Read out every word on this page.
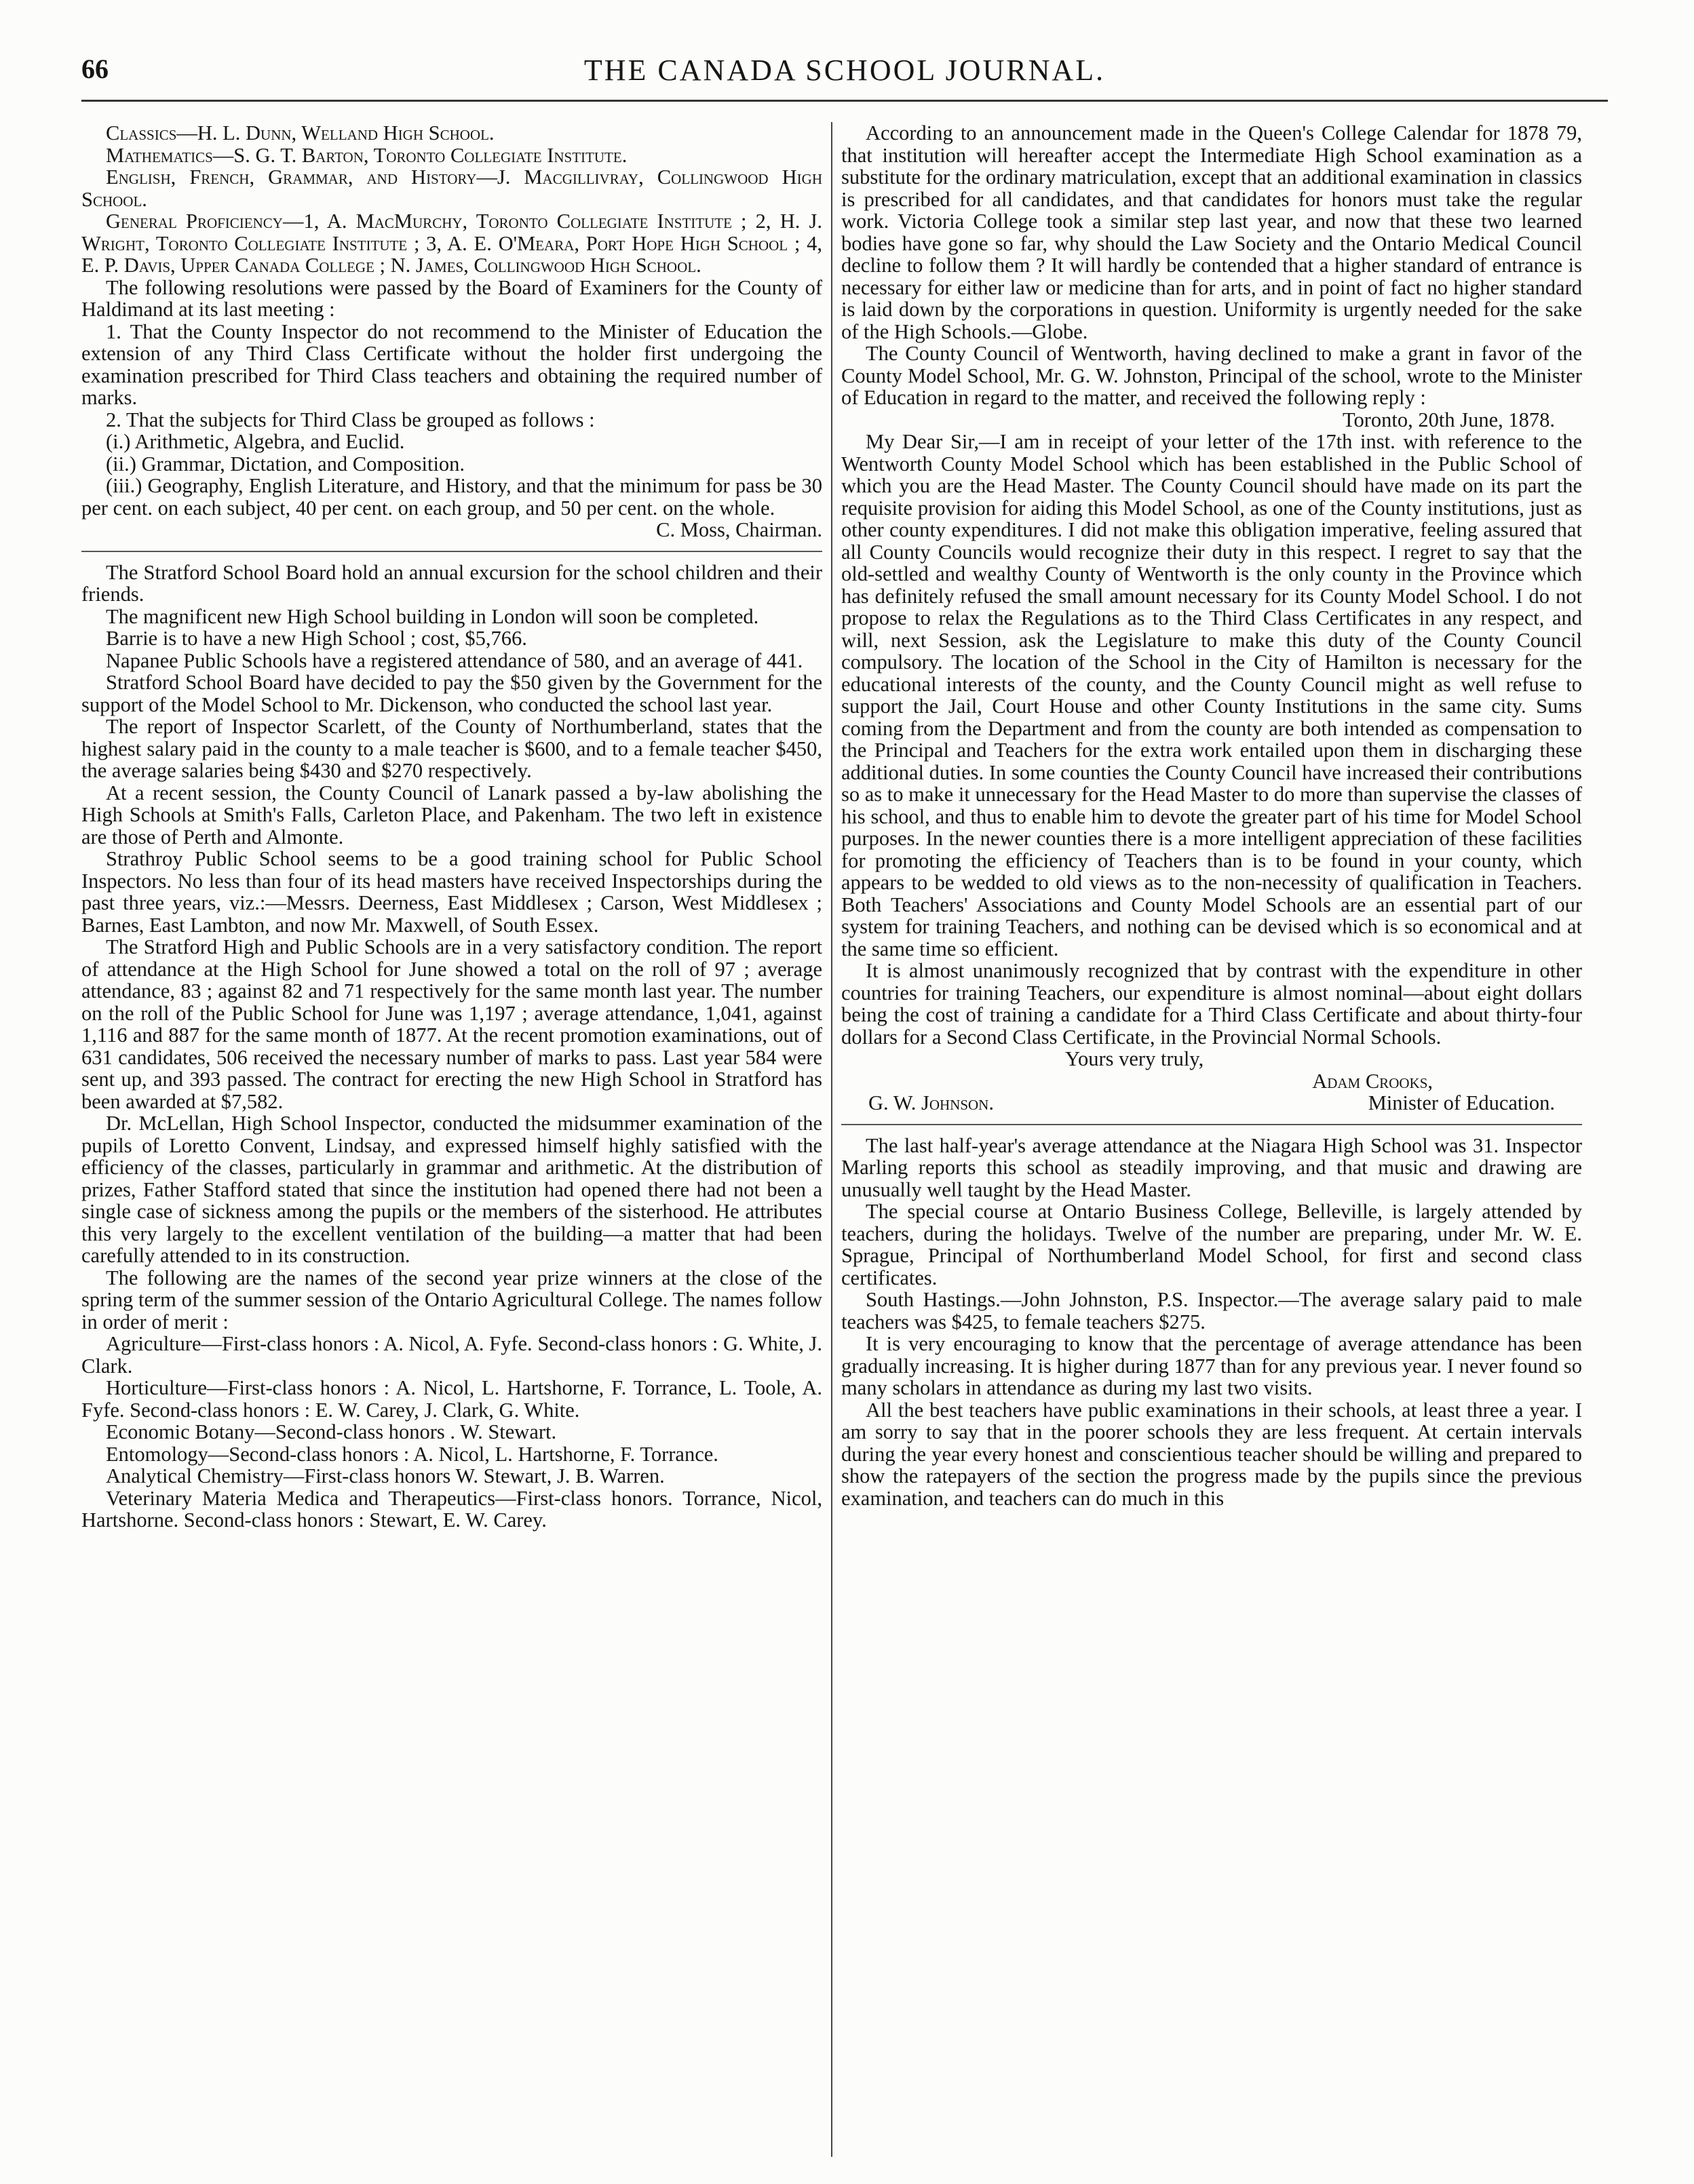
66	THE CANADA SCHOOL JOURNAL.

Classics—H. L. Dunn, Welland High School.

Mathematics—S. G. T. Barton, Toronto Collegiate Institute.

English, French, Grammar, and History—J. Macgillivray, Collingwood High School.

General Proficiency—1, A. MacMurchy, Toronto Collegiate Institute ; 2, H. J. Wright, Toronto Collegiate Institute ; 3, A. E. O'Meara, Port Hope High School ; 4, E. P. Davis, Upper Canada College ; N. James, Collingwood High School.

The following resolutions were passed by the Board of Examiners for the County of Haldimand at its last meeting :

1. That the County Inspector do not recommend to the Minister of Education the extension of any Third Class Certificate without the holder first undergoing the examination prescribed for Third Class teachers and obtaining the required number of marks.

2. That the subjects for Third Class be grouped as follows :

(i.) Arithmetic, Algebra, and Euclid.

(ii.) Grammar, Dictation, and Composition.

(iii.) Geography, English Literature, and History, and that the minimum for pass be 30 per cent. on each subject, 40 per cent. on each group, and 50 per cent. on the whole.

C. Moss, Chairman.

The Stratford School Board hold an annual excursion for the school children and their friends.

The magnificent new High School building in London will soon be completed.

Barrie is to have a new High School ; cost, $5,766.

Napanee Public Schools have a registered attendance of 580, and an average of 441.

Stratford School Board have decided to pay the $50 given by the Government for the support of the Model School to Mr. Dickenson, who conducted the school last year.

The report of Inspector Scarlett, of the County of Northumberland, states that the highest salary paid in the county to a male teacher is $600, and to a female teacher $450, the average salaries being $430 and $270 respectively.

At a recent session, the County Council of Lanark passed a by-law abolishing the High Schools at Smith's Falls, Carleton Place, and Pakenham. The two left in existence are those of Perth and Almonte.

Strathroy Public School seems to be a good training school for Public School Inspectors. No less than four of its head masters have received Inspectorships during the past three years, viz.:—Messrs. Deerness, East Middlesex ; Carson, West Middlesex ; Barnes, East Lambton, and now Mr. Maxwell, of South Essex.

The Stratford High and Public Schools are in a very satisfactory condition. The report of attendance at the High School for June showed a total on the roll of 97 ; average attendance, 83 ; against 82 and 71 respectively for the same month last year. The number on the roll of the Public School for June was 1,197 ; average attendance, 1,041, against 1,116 and 887 for the same month of 1877. At the recent promotion examinations, out of 631 candidates, 506 received the necessary number of marks to pass. Last year 584 were sent up, and 393 passed. The contract for erecting the new High School in Stratford has been awarded at $7,582.

Dr. McLellan, High School Inspector, conducted the midsummer examination of the pupils of Loretto Convent, Lindsay, and expressed himself highly satisfied with the efficiency of the classes, particularly in grammar and arithmetic. At the distribution of prizes, Father Stafford stated that since the institution had opened there had not been a single case of sickness among the pupils or the members of the sisterhood. He attributes this very largely to the excellent ventilation of the building—a matter that had been carefully attended to in its construction.

The following are the names of the second year prize winners at the close of the spring term of the summer session of the Ontario Agricultural College. The names follow in order of merit :

Agriculture—First-class honors : A. Nicol, A. Fyfe. Second-class honors : G. White, J. Clark.

Horticulture—First-class honors : A. Nicol, L. Hartshorne, F. Torrance, L. Toole, A. Fyfe. Second-class honors : E. W. Carey, J. Clark, G. White.

Economic Botany—Second-class honors . W. Stewart.

Entomology—Second-class honors : A. Nicol, L. Hartshorne, F. Torrance.

Analytical Chemistry—First-class honors W. Stewart, J. B. Warren.

Veterinary Materia Medica and Therapeutics—First-class honors. Torrance, Nicol, Hartshorne. Second-class honors : Stewart, E. W. Carey.

According to an announcement made in the Queen's College Calendar for 1878 79, that institution will hereafter accept the Intermediate High School examination as a substitute for the ordinary matriculation, except that an additional examination in classics is prescribed for all candidates, and that candidates for honors must take the regular work. Victoria College took a similar step last year, and now that these two learned bodies have gone so far, why should the Law Society and the Ontario Medical Council decline to follow them ? It will hardly be contended that a higher standard of entrance is necessary for either law or medicine than for arts, and in point of fact no higher standard is laid down by the corporations in question. Uniformity is urgently needed for the sake of the High Schools.—Globe.

The County Council of Wentworth, having declined to make a grant in favor of the County Model School, Mr. G. W. Johnston, Principal of the school, wrote to the Minister of Education in regard to the matter, and received the following reply :

Toronto, 20th June, 1878.

My Dear Sir,—I am in receipt of your letter of the 17th inst. with reference to the Wentworth County Model School which has been established in the Public School of which you are the Head Master. The County Council should have made on its part the requisite provision for aiding this Model School, as one of the County institutions, just as other county expenditures. I did not make this obligation imperative, feeling assured that all County Councils would recognize their duty in this respect. I regret to say that the old-settled and wealthy County of Wentworth is the only county in the Province which has definitely refused the small amount necessary for its County Model School. I do not propose to relax the Regulations as to the Third Class Certificates in any respect, and will, next Session, ask the Legislature to make this duty of the County Council compulsory. The location of the School in the City of Hamilton is necessary for the educational interests of the county, and the County Council might as well refuse to support the Jail, Court House and other County Institutions in the same city. Sums coming from the Department and from the county are both intended as compensation to the Principal and Teachers for the extra work entailed upon them in discharging these additional duties. In some counties the County Council have increased their contributions so as to make it unnecessary for the Head Master to do more than supervise the classes of his school, and thus to enable him to devote the greater part of his time for Model School purposes. In the newer counties there is a more intelligent appreciation of these facilities for promoting the efficiency of Teachers than is to be found in your county, which appears to be wedded to old views as to the non-necessity of qualification in Teachers. Both Teachers' Associations and County Model Schools are an essential part of our system for training Teachers, and nothing can be devised which is so economical and at the same time so efficient.

It is almost unanimously recognized that by contrast with the expenditure in other countries for training Teachers, our expenditure is almost nominal—about eight dollars being the cost of training a candidate for a Third Class Certificate and about thirty-four dollars for a Second Class Certificate, in the Provincial Normal Schools.

Yours very truly,

Adam Crooks,

G. W. Johnson.	Minister of Education.

The last half-year's average attendance at the Niagara High School was 31. Inspector Marling reports this school as steadily improving, and that music and drawing are unusually well taught by the Head Master.

The special course at Ontario Business College, Belleville, is largely attended by teachers, during the holidays. Twelve of the number are preparing, under Mr. W. E. Sprague, Principal of Northumberland Model School, for first and second class certificates.

South Hastings.—John Johnston, P.S. Inspector.—The average salary paid to male teachers was $425, to female teachers $275.

It is very encouraging to know that the percentage of average attendance has been gradually increasing. It is higher during 1877 than for any previous year. I never found so many scholars in attendance as during my last two visits.

All the best teachers have public examinations in their schools, at least three a year. I am sorry to say that in the poorer schools they are less frequent. At certain intervals during the year every honest and conscientious teacher should be willing and prepared to show the ratepayers of the section the progress made by the pupils since the previous examination, and teachers can do much in this
